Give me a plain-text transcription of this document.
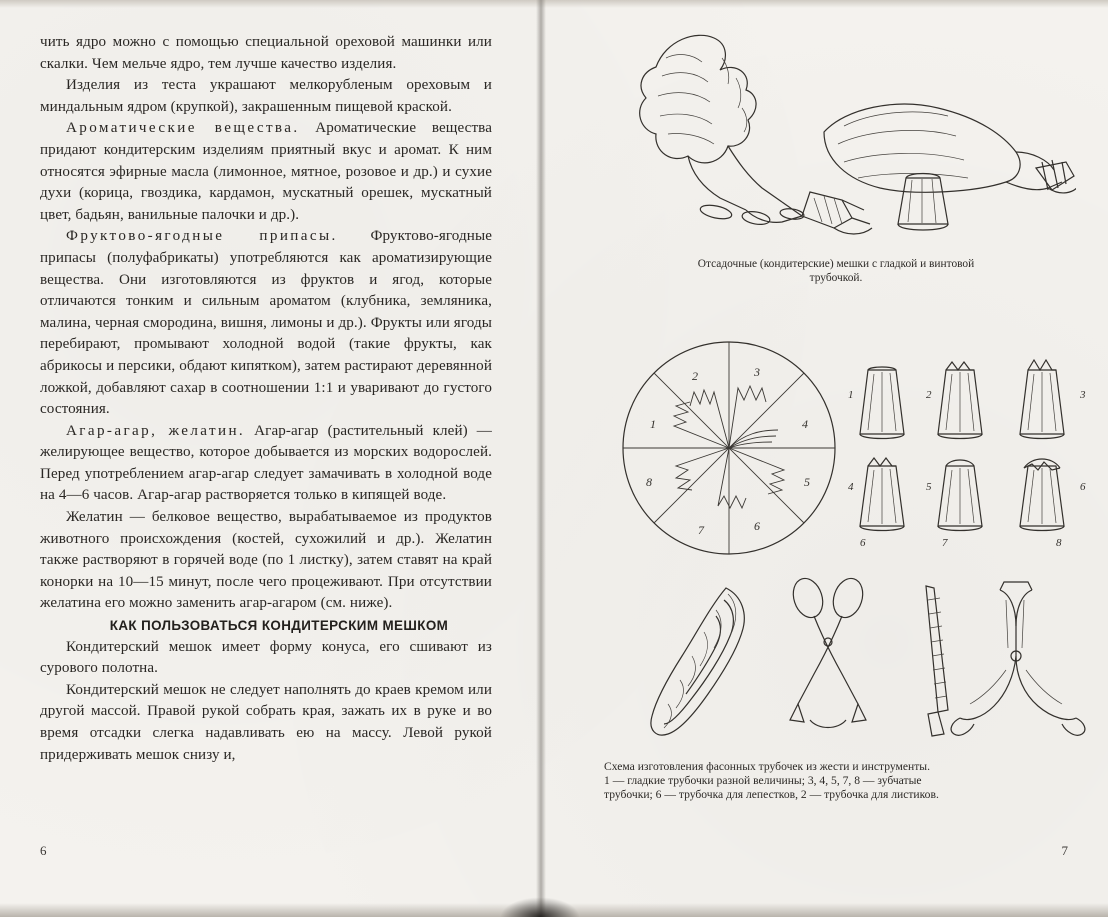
чить ядро можно с помощью специальной ореховой машинки или скалки. Чем мельче ядро, тем лучше качество изделия.

Изделия из теста украшают мелкорубленым ореховым и миндальным ядром (крупкой), закрашенным пищевой краской.

Ароматические вещества. Ароматические вещества придают кондитерским изделиям приятный вкус и аромат. К ним относятся эфирные масла (лимонное, мятное, розовое и др.) и сухие духи (корица, гвоздика, кардамон, мускатный орешек, мускатный цвет, бадьян, ванильные палочки и др.).

Фруктово-ягодные припасы. Фруктово-ягодные припасы (полуфабрикаты) употребляются как ароматизирующие вещества. Они изготовляются из фруктов и ягод, которые отличаются тонким и сильным ароматом (клубника, земляника, малина, черная смородина, вишня, лимоны и др.). Фрукты или ягоды перебирают, промывают холодной водой (такие фрукты, как абрикосы и персики, обдают кипятком), затем растирают деревянной ложкой, добавляют сахар в соотношении 1:1 и уваривают до густого состояния.

Агар-агар, желатин. Агар-агар (растительный клей) — желирующее вещество, которое добывается из морских водорослей. Перед употреблением агар-агар следует замачивать в холодной воде на 4—6 часов. Агар-агар растворяется только в кипящей воде.

Желатин — белковое вещество, вырабатываемое из продуктов животного происхождения (костей, сухожилий и др.). Желатин также растворяют в горячей воде (по 1 листку), затем ставят на край конорки на 10—15 минут, после чего процеживают. При отсутствии желатина его можно заменить агар-агаром (см. ниже).

КАК ПОЛЬЗОВАТЬСЯ КОНДИТЕРСКИМ МЕШКОМ

Кондитерский мешок имеет форму конуса, его сшивают из сурового полотна.

Кондитерский мешок не следует наполнять до краев кремом или другой массой. Правой рукой собрать края, зажать их в руке и во время отсадки слегка надавливать ею на массу. Левой рукой придерживать мешок снизу и,

6
Отсадочные (кондитерские) мешки с гладкой и винтовой
трубочкой.
2	3
4
5
6
7
8
1
1	2	3
4	5	6
6	7	8
Схема изготовления фасонных трубочек из жести и инструменты.
1 — гладкие трубочки разной величины; 3, 4, 5, 7, 8 — зубчатые
трубочки; 6 — трубочка для лепестков, 2 — трубочка для листиков.
7
